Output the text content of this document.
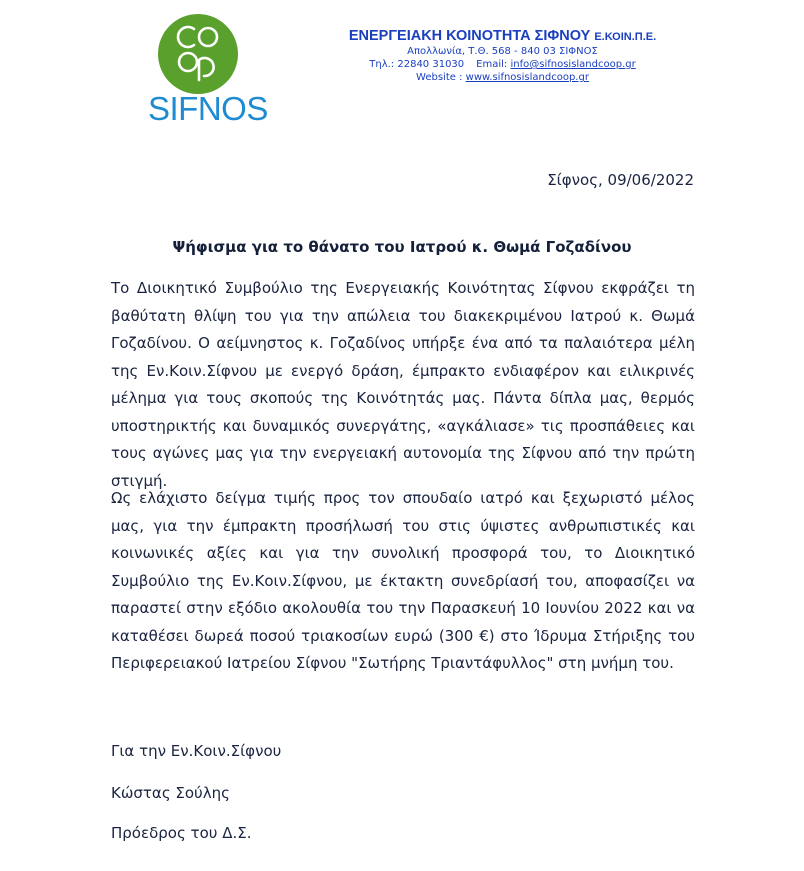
SIFNOS
ΕΝΕΡΓΕΙΑΚΗ ΚΟΙΝΟΤΗΤΑ ΣΙΦΝΟΥ Ε.ΚΟΙΝ.Π.Ε.
Απολλωνία, Τ.Θ. 568 - 840 03 ΣΙΦΝΟΣ
Τηλ.: 22840 31030 Email: info@sifnosislandcoop.gr
Website : www.sifnosislandcoop.gr
Σίφνος, 09/06/2022
Ψήφισμα για το θάνατο του Ιατρού κ. Θωμά Γοζαδίνου

Το Διοικητικό Συμβούλιο της Ενεργειακής Κοινότητας Σίφνου εκφράζει τη βαθύτατη θλίψη του για την απώλεια του διακεκριμένου Ιατρού κ. Θωμά Γοζαδίνου. Ο αείμνηστος κ. Γοζαδίνος υπήρξε ένα από τα παλαιότερα μέλη της Εν.Κοιν.Σίφνου με ενεργό δράση, έμπρακτο ενδιαφέρον και ειλικρινές μέλημα για τους σκοπούς της Κοινότητάς μας. Πάντα δίπλα μας, θερμός υποστηρικτής και δυναμικός συνεργάτης, «αγκάλιασε» τις προσπάθειες και τους αγώνες μας για την ενεργειακή αυτονομία της Σίφνου από την πρώτη στιγμή.

Ως ελάχιστο δείγμα τιμής προς τον σπουδαίο ιατρό και ξεχωριστό μέλος μας, για την έμπρακτη προσήλωσή του στις ύψιστες ανθρωπιστικές και κοινωνικές αξίες και για την συνολική προσφορά του, το Διοικητικό Συμβούλιο της Εν.Κοιν.Σίφνου, με έκτακτη συνεδρίασή του, αποφασίζει να παραστεί στην εξόδιο ακολουθία του την Παρασκευή 10 Ιουνίου 2022 και να καταθέσει δωρεά ποσού τριακοσίων ευρώ (300 €) στο Ίδρυμα Στήριξης του Περιφερειακού Ιατρείου Σίφνου "Σωτήρης Τριαντάφυλλος" στη μνήμη του.

Για την Εν.Κοιν.Σίφνου
Κώστας Σούλης
Πρόεδρος του Δ.Σ.
